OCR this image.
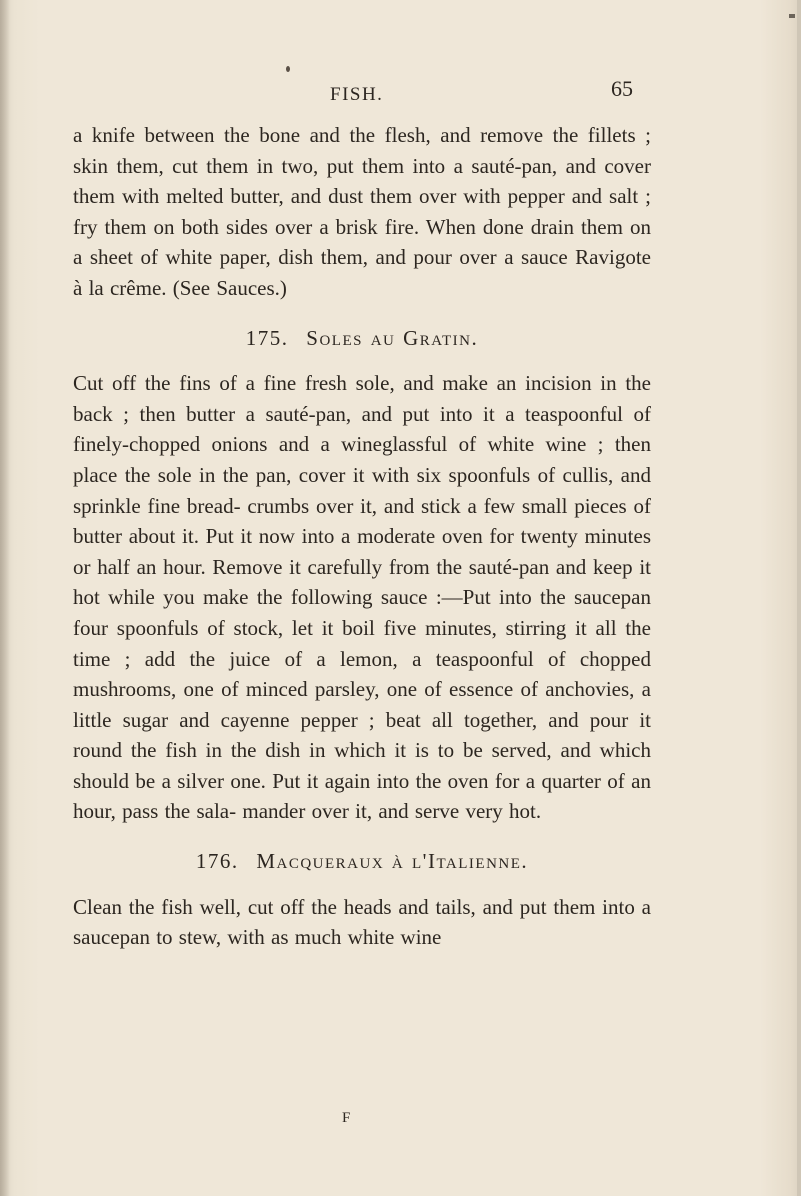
FISH.	65

a knife between the bone and the flesh, and remove the fillets ; skin them, cut them in two, put them into a sauté-pan, and cover them with melted butter, and dust them over with pepper and salt ; fry them on both sides over a brisk fire. When done drain them on a sheet of white paper, dish them, and pour over a sauce Ravigote à la crême. (See Sauces.)

175. Soles au Gratin.

Cut off the fins of a fine fresh sole, and make an incision in the back ; then butter a sauté-pan, and put into it a teaspoonful of finely-chopped onions and a wineglassful of white wine ; then place the sole in the pan, cover it with six spoonfuls of cullis, and sprinkle fine bread- crumbs over it, and stick a few small pieces of butter about it. Put it now into a moderate oven for twenty minutes or half an hour. Remove it carefully from the sauté-pan and keep it hot while you make the following sauce :—Put into the saucepan four spoonfuls of stock, let it boil five minutes, stirring it all the time ; add the juice of a lemon, a teaspoonful of chopped mushrooms, one of minced parsley, one of essence of anchovies, a little sugar and cayenne pepper ; beat all together, and pour it round the fish in the dish in which it is to be served, and which should be a silver one. Put it again into the oven for a quarter of an hour, pass the sala- mander over it, and serve very hot.

176. Macqueraux à l'Italienne.

Clean the fish well, cut off the heads and tails, and put them into a saucepan to stew, with as much white wine

F
